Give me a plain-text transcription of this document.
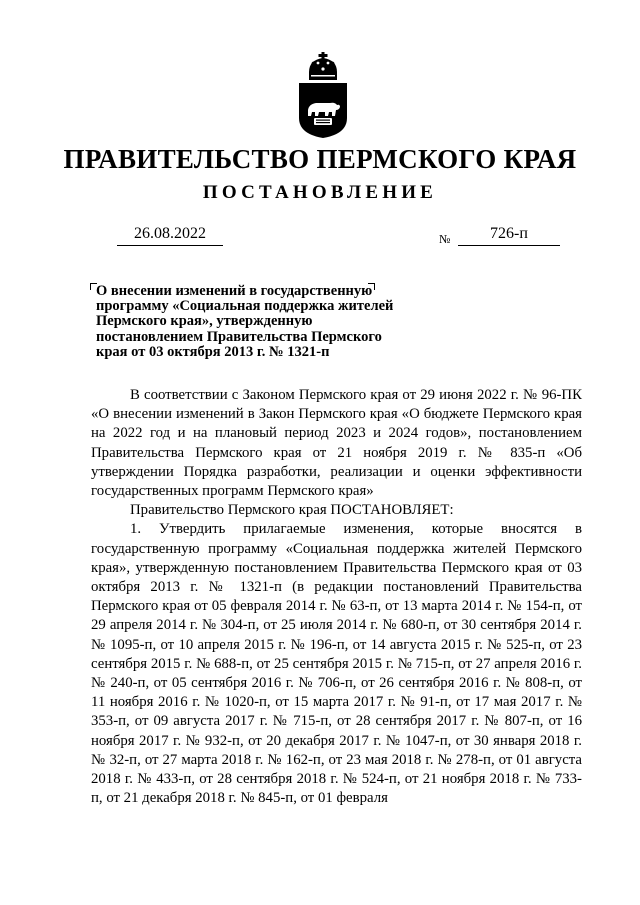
ПРАВИТЕЛЬСТВО ПЕРМСКОГО КРАЯ
ПОСТАНОВЛЕНИЕ
26.08.2022	№	726-п

О внесении изменений в государственную программу «Социальная поддержка жителей Пермского края», утвержденную постановлением Правительства Пермского края от 03 октября 2013 г. № 1321-п

В соответствии с Законом Пермского края от 29 июня 2022 г. № 96-ПК «О внесении изменений в Закон Пермского края «О бюджете Пермского края на 2022 год и на плановый период 2023 и 2024 годов», постановлением Правительства Пермского края от 21 ноября 2019 г. № 835-п «Об утверждении Порядка разработки, реализации и оценки эффективности государственных программ Пермского края»

Правительство Пермского края ПОСТАНОВЛЯЕТ:

1. Утвердить прилагаемые изменения, которые вносятся в государственную программу «Социальная поддержка жителей Пермского края», утвержденную постановлением Правительства Пермского края от 03 октября 2013 г. № 1321-п (в редакции постановлений Правительства Пермского края от 05 февраля 2014 г. № 63-п, от 13 марта 2014 г. № 154-п, от 29 апреля 2014 г. № 304-п, от 25 июля 2014 г. № 680-п, от 30 сентября 2014 г. № 1095-п, от 10 апреля 2015 г. № 196-п, от 14 августа 2015 г. № 525-п, от 23 сентября 2015 г. № 688-п, от 25 сентября 2015 г. № 715-п, от 27 апреля 2016 г. № 240-п, от 05 сентября 2016 г. № 706-п, от 26 сентября 2016 г. № 808-п, от 11 ноября 2016 г. № 1020-п, от 15 марта 2017 г. № 91-п, от 17 мая 2017 г. № 353-п, от 09 августа 2017 г. № 715-п, от 28 сентября 2017 г. № 807-п, от 16 ноября 2017 г. № 932-п, от 20 декабря 2017 г. № 1047-п, от 30 января 2018 г. № 32-п, от 27 марта 2018 г. № 162-п, от 23 мая 2018 г. № 278-п, от 01 августа 2018 г. № 433-п, от 28 сентября 2018 г. № 524-п, от 21 ноября 2018 г. № 733-п, от 21 декабря 2018 г. № 845-п, от 01 февраля
